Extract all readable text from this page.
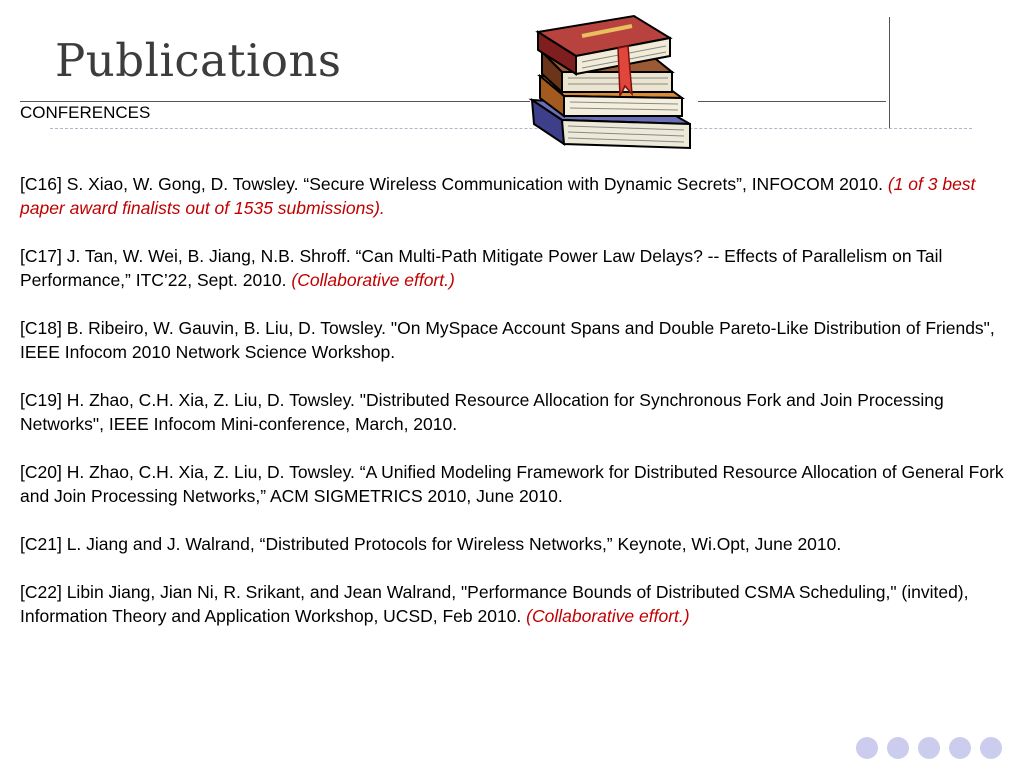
Publications
CONFERENCES
[C16] S. Xiao, W. Gong, D. Towsley. “Secure Wireless Communication with Dynamic Secrets”, INFOCOM 2010. (1 of 3 best paper award finalists out of 1535 submissions).
[C17] J. Tan, W. Wei, B. Jiang, N.B. Shroff. “Can Multi-Path Mitigate Power Law Delays? -- Effects of Parallelism on Tail Performance,” ITC’22, Sept. 2010. (Collaborative effort.)
[C18] B. Ribeiro, W. Gauvin, B. Liu, D. Towsley. "On MySpace Account Spans and Double Pareto-Like Distribution of Friends", IEEE Infocom 2010 Network Science Workshop.
[C19] H. Zhao, C.H. Xia, Z. Liu, D. Towsley. "Distributed Resource Allocation for Synchronous Fork and Join Processing Networks", IEEE Infocom Mini-conference, March, 2010.
[C20] H. Zhao, C.H. Xia, Z. Liu, D. Towsley. “A Unified Modeling Framework for Distributed Resource Allocation of General Fork and Join Processing Networks,” ACM SIGMETRICS 2010, June 2010.
[C21] L. Jiang and J. Walrand, “Distributed Protocols for Wireless Networks,” Keynote, Wi.Opt, June 2010.
[C22] Libin Jiang, Jian Ni, R. Srikant, and Jean Walrand, "Performance Bounds of Distributed CSMA Scheduling," (invited), Information Theory and Application Workshop, UCSD, Feb 2010. (Collaborative effort.)
